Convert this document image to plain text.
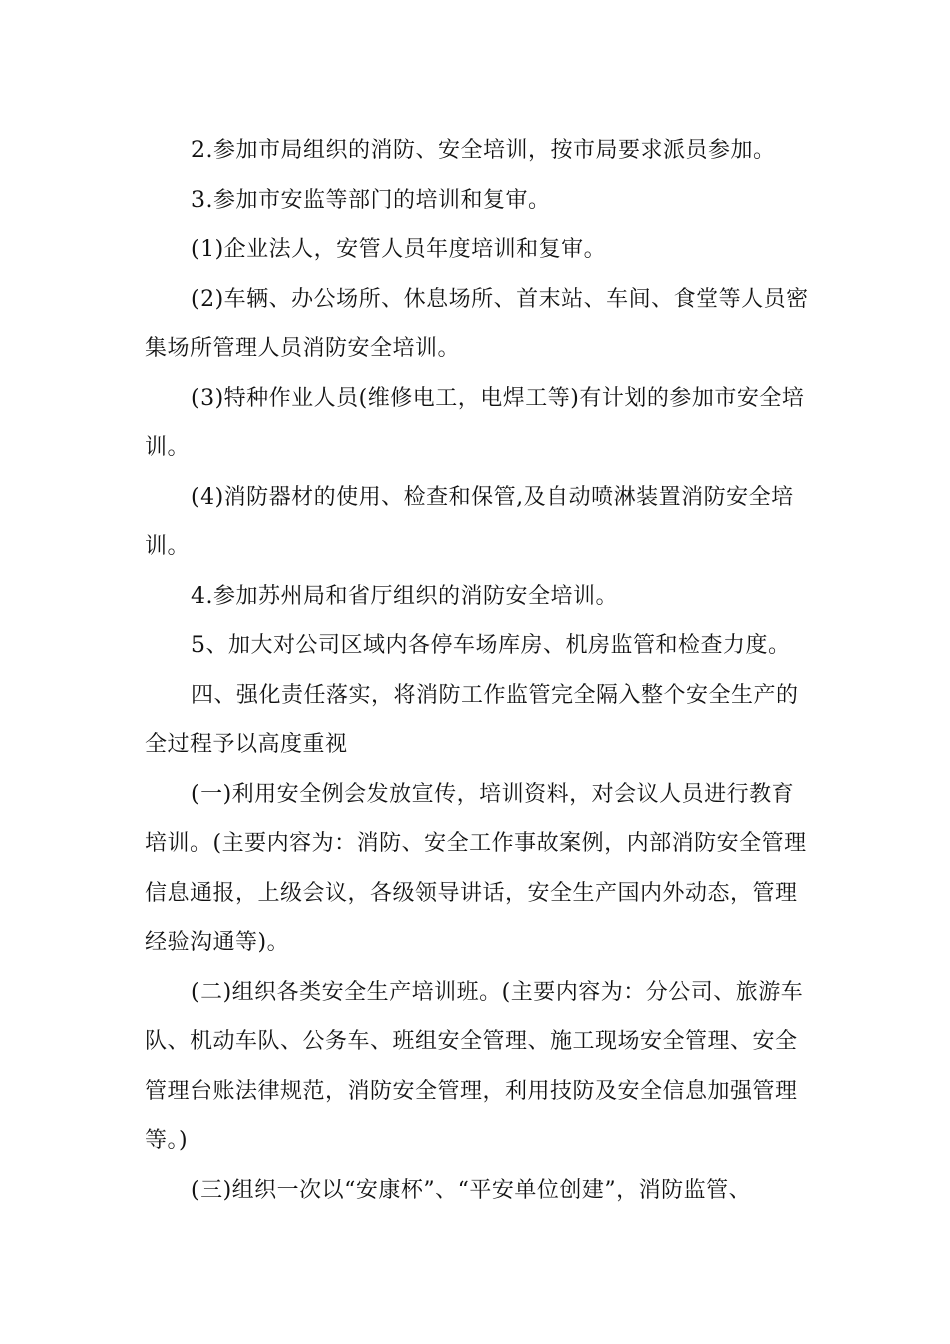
2.参加市局组织的消防、安全培训，按市局要求派员参加。

3.参加市安监等部门的培训和复审。

(1)企业法人，安管人员年度培训和复审。

(2)车辆、办公场所、休息场所、首末站、车间、食堂等人员密
集场所管理人员消防安全培训。

(3)特种作业人员(维修电工，电焊工等)有计划的参加市安全培
训。

(4)消防器材的使用、检查和保管,及自动喷淋装置消防安全培
训。

4.参加苏州局和省厅组织的消防安全培训。

5、加大对公司区域内各停车场库房、机房监管和检查力度。

四、强化责任落实，将消防工作监管完全隔入整个安全生产的
全过程予以高度重视

(一)利用安全例会发放宣传，培训资料，对会议人员进行教育
培训。(主要内容为：消防、安全工作事故案例，内部消防安全管理
信息通报，上级会议，各级领导讲话，安全生产国内外动态，管理
经验沟通等)。

(二)组织各类安全生产培训班。(主要内容为：分公司、旅游车
队、机动车队、公务车、班组安全管理、施工现场安全管理、安全
管理台账法律规范，消防安全管理，利用技防及安全信息加强管理
等。)

(三)组织一次以“安康杯”、“平安单位创建”，消防监管、
